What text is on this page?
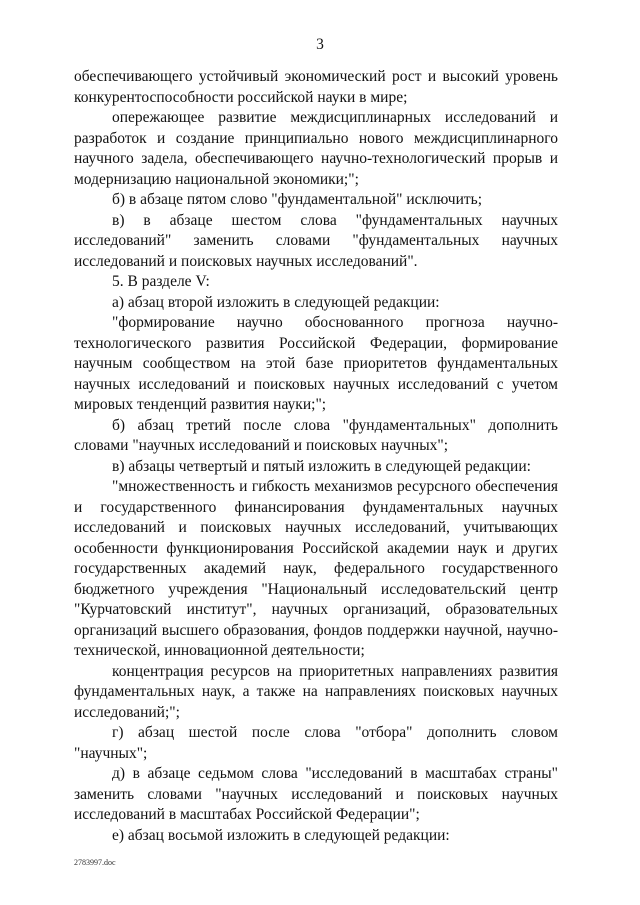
3

обеспечивающего устойчивый экономический рост и высокий уровень конкурентоспособности российской науки в мире;

опережающее развитие междисциплинарных исследований и разработок и создание принципиально нового междисциплинарного научного задела, обеспечивающего научно-технологический прорыв и модернизацию национальной экономики;";

б) в абзаце пятом слово "фундаментальной" исключить;

в) в абзаце шестом слова "фундаментальных научных исследований" заменить словами "фундаментальных научных исследований и поисковых научных исследований".

5. В разделе V:

а) абзац второй изложить в следующей редакции:

"формирование научно обоснованного прогноза научно-технологического развития Российской Федерации, формирование научным сообществом на этой базе приоритетов фундаментальных научных исследований и поисковых научных исследований с учетом мировых тенденций развития науки;";

б) абзац третий после слова "фундаментальных" дополнить словами "научных исследований и поисковых научных";

в) абзацы четвертый и пятый изложить в следующей редакции:

"множественность и гибкость механизмов ресурсного обеспечения и государственного финансирования фундаментальных научных исследований и поисковых научных исследований, учитывающих особенности функционирования Российской академии наук и других государственных академий наук, федерального государственного бюджетного учреждения "Национальный исследовательский центр "Курчатовский институт", научных организаций, образовательных организаций высшего образования, фондов поддержки научной, научно-технической, инновационной деятельности;

концентрация ресурсов на приоритетных направлениях развития фундаментальных наук, а также на направлениях поисковых научных исследований;";

г) абзац шестой после слова "отбора" дополнить словом "научных";

д) в абзаце седьмом слова "исследований в масштабах страны" заменить словами "научных исследований и поисковых научных исследований в масштабах Российской Федерации";

е) абзац восьмой изложить в следующей редакции:

2783997.doc
